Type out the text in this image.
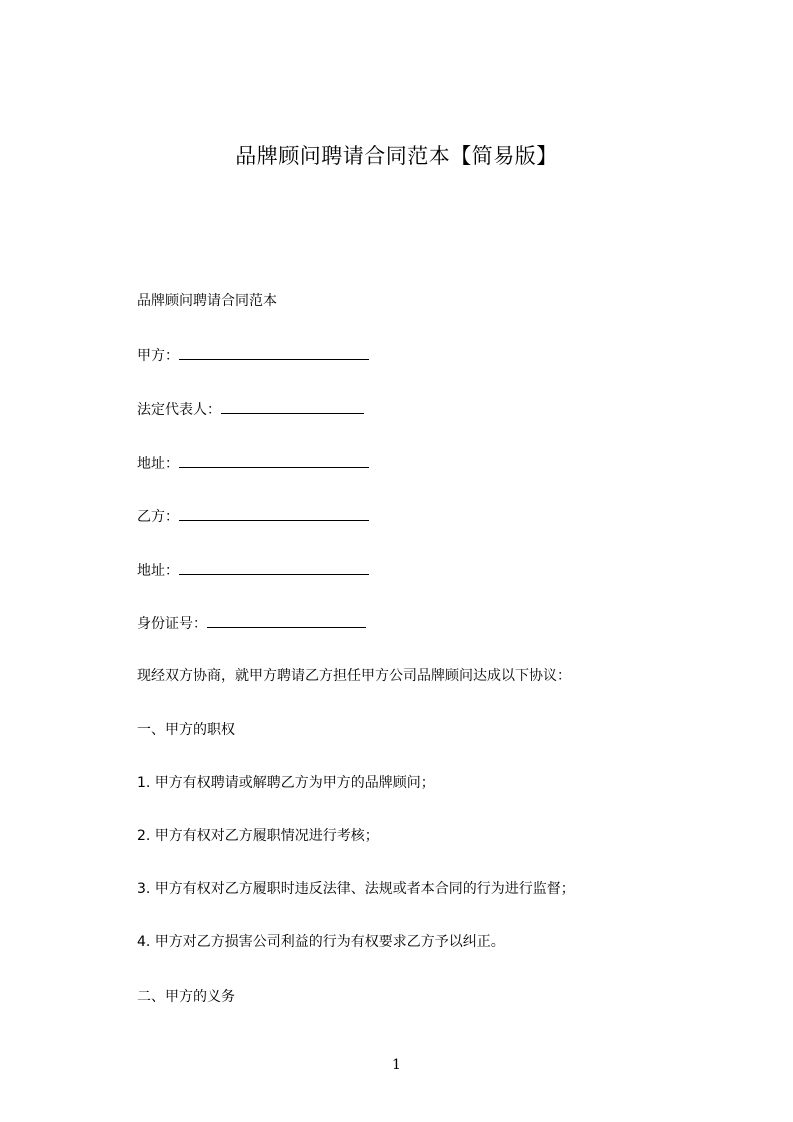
品牌顾问聘请合同范本【简易版】
品牌顾问聘请合同范本
甲方：
法定代表人：
地址：
乙方：
地址：
身份证号：
现经双方协商，就甲方聘请乙方担任甲方公司品牌顾问达成以下协议：
一、甲方的职权
1. 甲方有权聘请或解聘乙方为甲方的品牌顾问；
2. 甲方有权对乙方履职情况进行考核；
3. 甲方有权对乙方履职时违反法律、法规或者本合同的行为进行监督；
4. 甲方对乙方损害公司利益的行为有权要求乙方予以纠正。
二、甲方的义务
1
